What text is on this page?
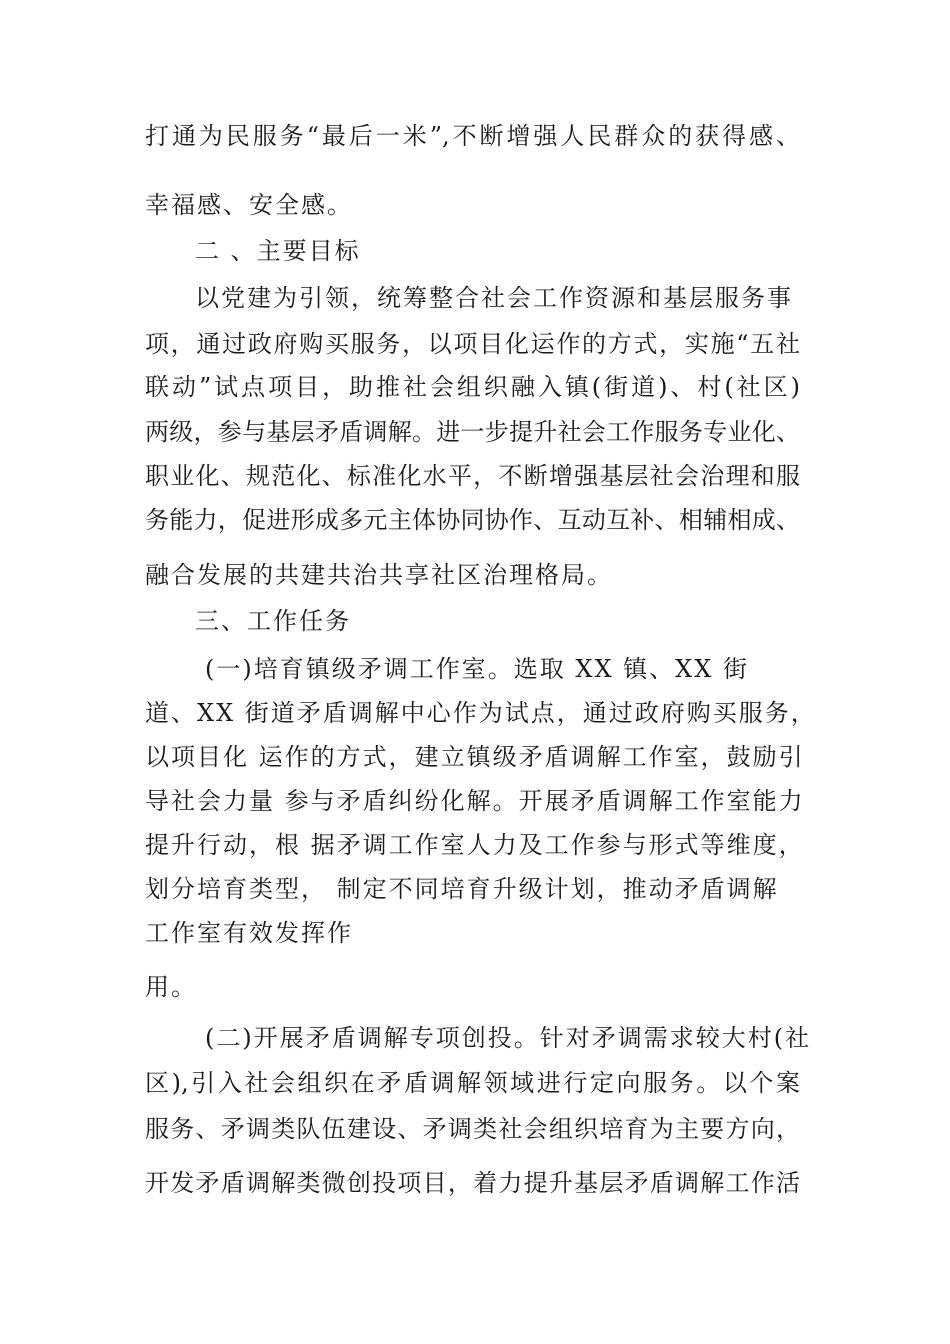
打通为民服务“最后一米”,不断增强人民群众的获得感、
幸福感、安全感。
二 、主要目标
以党建为引领，统筹整合社会工作资源和基层服务事
项，通过政府购买服务，以项目化运作的方式，实施“五社
联动”试点项目，助推社会组织融入镇(街道)、村(社区)
两级，参与基层矛盾调解。进一步提升社会工作服务专业化、
职业化、规范化、标准化水平，不断增强基层社会治理和服
务能力，促进形成多元主体协同协作、互动互补、相辅相成、
融合发展的共建共治共享社区治理格局。
三、工作任务
(一)培育镇级矛调工作室。选取 XX 镇、XX 街
道、XX 街道矛盾调解中心作为试点，通过政府购买服务，
以项目化 运作的方式，建立镇级矛盾调解工作室，鼓励引
导社会力量 参与矛盾纠纷化解。开展矛盾调解工作室能力
提升行动，根 据矛调工作室人力及工作参与形式等维度，
划分培育类型， 制定不同培育升级计划，推动矛盾调解
工作室有效发挥作
用。
(二)开展矛盾调解专项创投。针对矛调需求较大村(社
区),引入社会组织在矛盾调解领域进行定向服务。以个案
服务、矛调类队伍建设、矛调类社会组织培育为主要方向，
开发矛盾调解类微创投项目，着力提升基层矛盾调解工作活
